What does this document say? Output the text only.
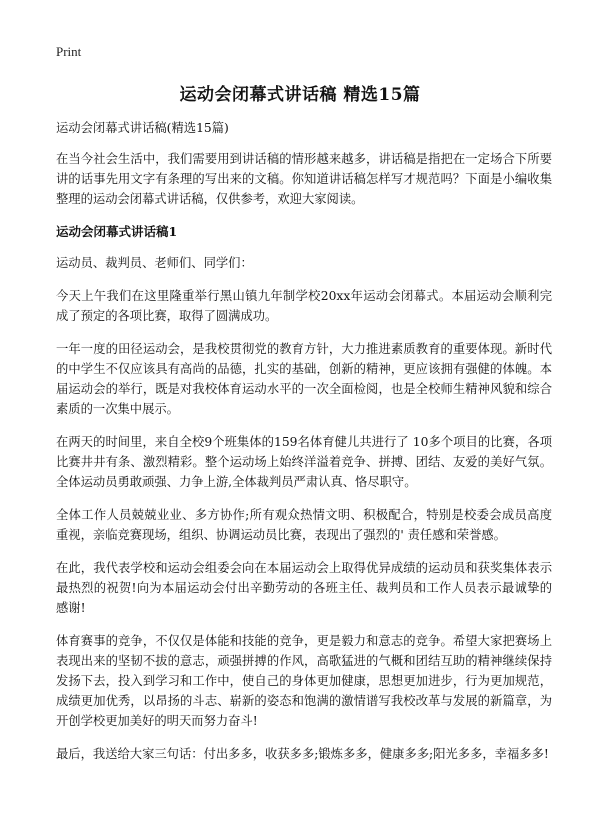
Print
运动会闭幕式讲话稿 精选15篇

运动会闭幕式讲话稿(精选15篇)

在当今社会生活中，我们需要用到讲话稿的情形越来越多，讲话稿是指把在一定场合下所要讲的话事先用文字有条理的写出来的文稿。你知道讲话稿怎样写才规范吗？下面是小编收集整理的运动会闭幕式讲话稿，仅供参考，欢迎大家阅读。

运动会闭幕式讲话稿1

运动员、裁判员、老师们、同学们：

今天上午我们在这里隆重举行黑山镇九年制学校20xx年运动会闭幕式。本届运动会顺利完成了预定的各项比赛，取得了圆满成功。

一年一度的田径运动会，是我校贯彻党的教育方针，大力推进素质教育的重要体现。新时代的中学生不仅应该具有高尚的品德，扎实的基础，创新的精神，更应该拥有强健的体魄。本届运动会的举行，既是对我校体育运动水平的一次全面检阅，也是全校师生精神风貌和综合素质的一次集中展示。

在两天的时间里，来自全校9个班集体的159名体育健儿共进行了 10多个项目的比赛，各项比赛井井有条、激烈精彩。整个运动场上始终洋溢着竞争、拼搏、团结、友爱的美好气氛。全体运动员勇敢顽强、力争上游,全体裁判员严肃认真、恪尽职守。

全体工作人员兢兢业业、多方协作;所有观众热情文明、积极配合，特别是校委会成员高度重视，亲临竞赛现场，组织、协调运动员比赛，表现出了强烈的' 责任感和荣誉感。

在此，我代表学校和运动会组委会向在本届运动会上取得优异成绩的运动员和获奖集体表示最热烈的祝贺!向为本届运动会付出辛勤劳动的各班主任、裁判员和工作人员表示最诚挚的感谢!

体育赛事的竞争，不仅仅是体能和技能的竞争，更是毅力和意志的竞争。希望大家把赛场上表现出来的坚韧不拔的意志，顽强拼搏的作风，高歌猛进的气概和团结互助的精神继续保持发扬下去，投入到学习和工作中，使自己的身体更加健康，思想更加进步，行为更加规范，成绩更加优秀，以昂扬的斗志、崭新的姿态和饱满的激情谱写我校改革与发展的新篇章，为开创学校更加美好的明天而努力奋斗!

最后，我送给大家三句话：付出多多，收获多多;锻炼多多，健康多多;阳光多多，幸福多多!
